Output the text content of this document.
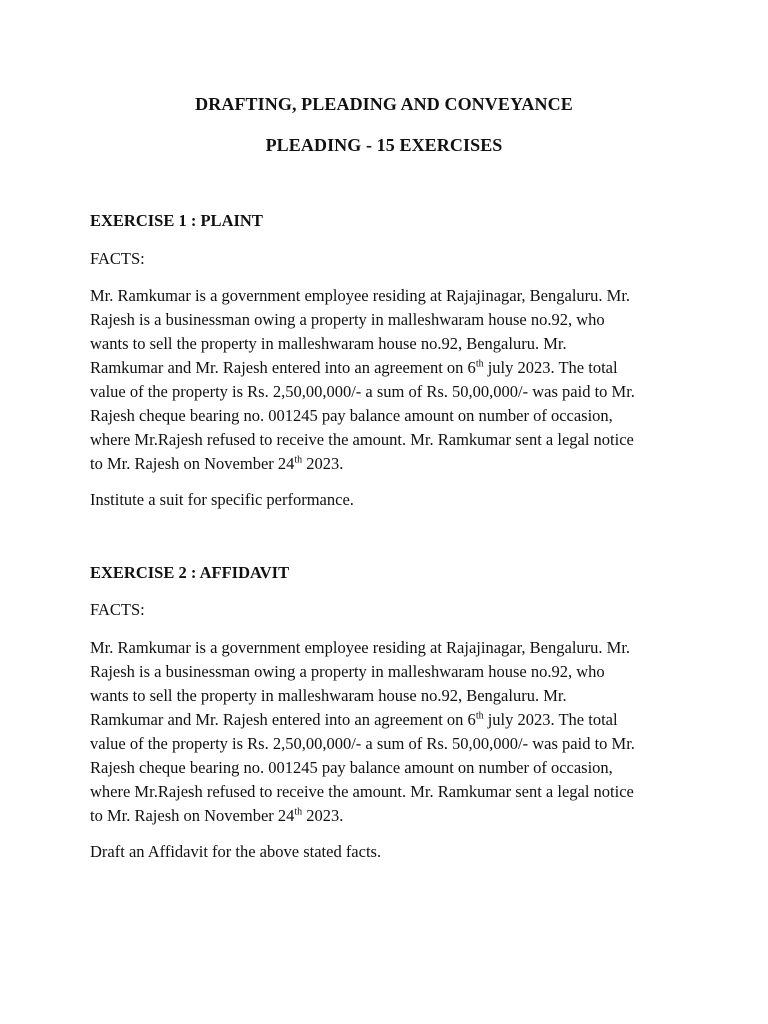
DRAFTING, PLEADING AND CONVEYANCE
PLEADING - 15 EXERCISES
EXERCISE 1 : PLAINT
FACTS:
Mr. Ramkumar is a government employee residing at Rajajinagar, Bengaluru. Mr.
Rajesh is a businessman owing a property in malleshwaram house no.92, who
wants to sell the property in malleshwaram house no.92, Bengaluru. Mr.
Ramkumar and Mr. Rajesh entered into an agreement on 6th july 2023. The total
value of the property is Rs. 2,50,00,000/- a sum of Rs. 50,00,000/- was paid to Mr.
Rajesh cheque bearing no. 001245 pay balance amount on number of occasion,
where Mr.Rajesh refused to receive the amount. Mr. Ramkumar sent a legal notice
to Mr. Rajesh on November 24th 2023.
Institute a suit for specific performance.
EXERCISE 2 : AFFIDAVIT
FACTS:
Mr. Ramkumar is a government employee residing at Rajajinagar, Bengaluru. Mr.
Rajesh is a businessman owing a property in malleshwaram house no.92, who
wants to sell the property in malleshwaram house no.92, Bengaluru. Mr.
Ramkumar and Mr. Rajesh entered into an agreement on 6th july 2023. The total
value of the property is Rs. 2,50,00,000/- a sum of Rs. 50,00,000/- was paid to Mr.
Rajesh cheque bearing no. 001245 pay balance amount on number of occasion,
where Mr.Rajesh refused to receive the amount. Mr. Ramkumar sent a legal notice
to Mr. Rajesh on November 24th 2023.
Draft an Affidavit for the above stated facts.
